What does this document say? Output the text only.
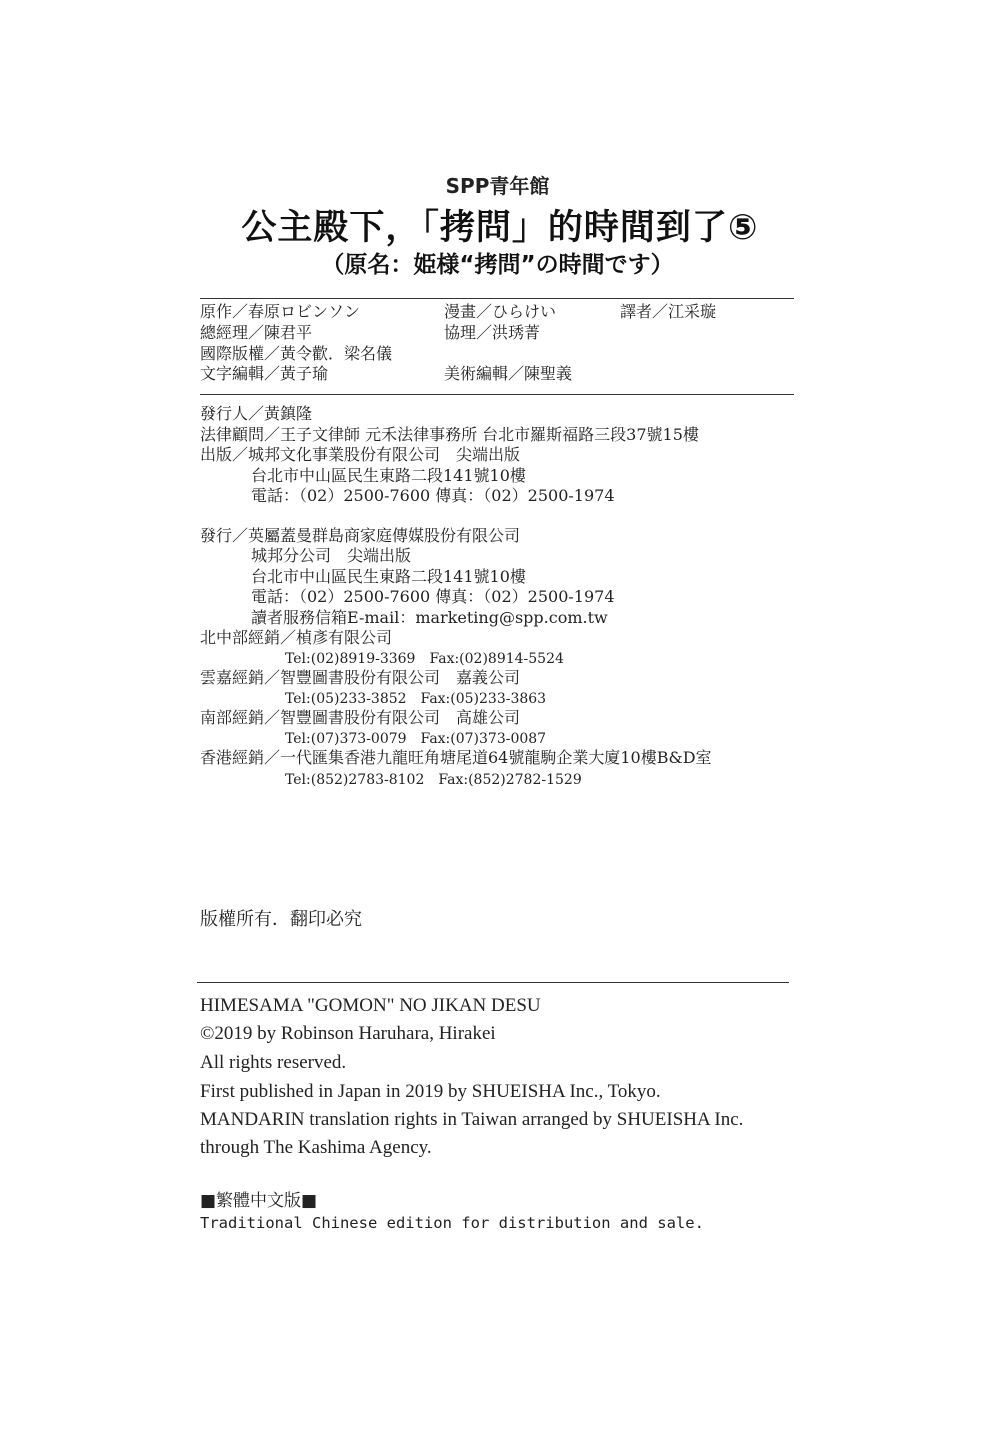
SPP青年館
公主殿下，「拷問」的時間到了⑤
（原名：姫様“拷問”の時間です）
原作／春原ロビンソン	漫畫／ひらけい	譯者／江采璇
總經理／陳君平	協理／洪琇菁
國際版權／黃令歡．梁名儀
文字編輯／黃子瑜	美術編輯／陳聖義
發行人／黃鎮隆
法律顧問／王子文律師 元禾法律事務所 台北市羅斯福路三段37號15樓
出版／城邦文化事業股份有限公司　尖端出版
台北市中山區民生東路二段141號10樓
電話：（02）2500-7600 傳真：（02）2500-1974
發行／英屬蓋曼群島商家庭傳媒股份有限公司
城邦分公司　尖端出版
台北市中山區民生東路二段141號10樓
電話：（02）2500-7600 傳真：（02）2500-1974
讀者服務信箱E-mail：marketing@spp.com.tw
北中部經銷／楨彥有限公司
Tel:(02)8919-3369　Fax:(02)8914-5524
雲嘉經銷／智豐圖書股份有限公司　嘉義公司
Tel:(05)233-3852　Fax:(05)233-3863
南部經銷／智豐圖書股份有限公司　高雄公司
Tel:(07)373-0079　Fax:(07)373-0087
香港經銷／一代匯集香港九龍旺角塘尾道64號龍駒企業大廈10樓B&D室
Tel:(852)2783-8102　Fax:(852)2782-1529
版權所有．翻印必究
HIMESAMA "GOMON" NO JIKAN DESU
©2019 by Robinson Haruhara, Hirakei
All rights reserved.
First published in Japan in 2019 by SHUEISHA Inc., Tokyo.
MANDARIN translation rights in Taiwan arranged by SHUEISHA Inc.
through The Kashima Agency.
■繁體中文版■
Traditional Chinese edition for distribution and sale.
